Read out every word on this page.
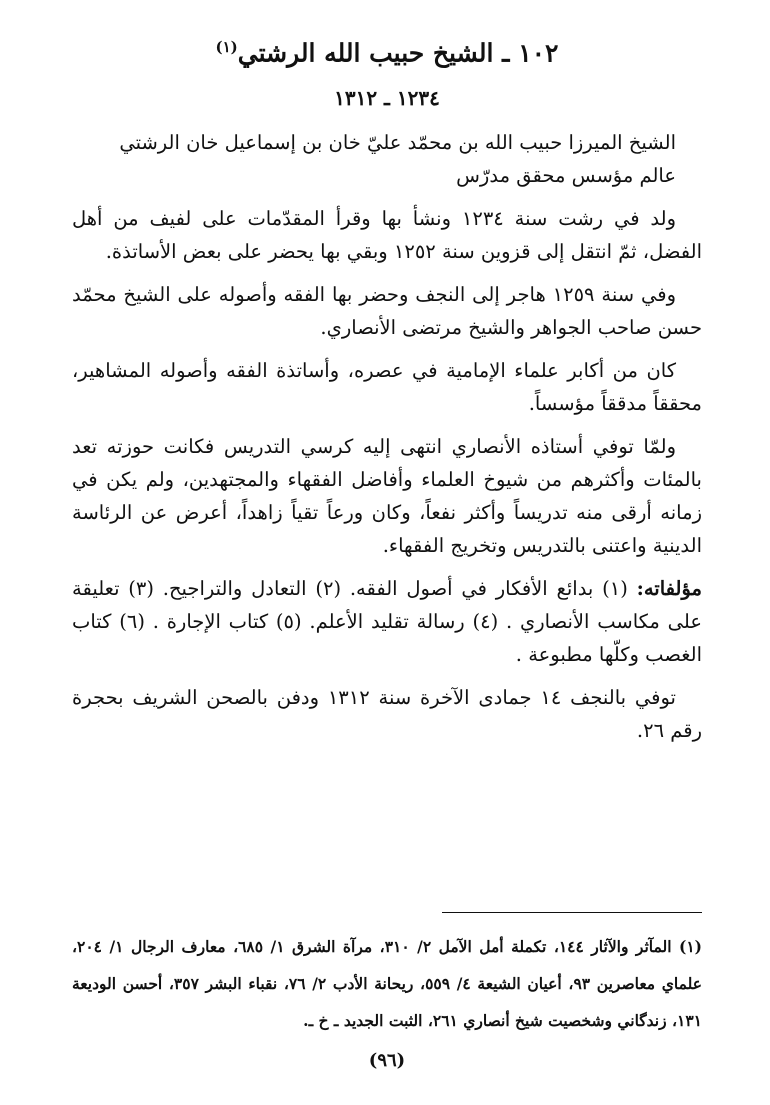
١٠٢ ـ الشيخ حبيب الله الرشتي$^{(١)}$
١٢٣٤ ـ ١٣١٢

الشيخ الميرزا حبيب الله بن محمّد عليّ خان بن إسماعيل خان الرشتي

عالم مؤسس محقق مدرّس

ولد في رشت سنة ١٢٣٤ ونشأ بها وقرأ المقدّمات على لفيف من أهل الفضل، ثمّ انتقل إلى قزوين سنة ١٢٥٢ وبقي بها يحضر على بعض الأساتذة.

وفي سنة ١٢٥٩ هاجر إلى النجف وحضر بها الفقه وأصوله على الشيخ محمّد حسن صاحب الجواهر والشيخ مرتضى الأنصاري.

كان من أكابر علماء الإمامية في عصره، وأساتذة الفقه وأصوله المشاهير، محققاً مدققاً مؤسساً.

ولمّا توفي أستاذه الأنصاري انتهى إليه كرسي التدريس فكانت حوزته تعد بالمئات وأكثرهم من شيوخ العلماء وأفاضل الفقهاء والمجتهدين، ولم يكن في زمانه أرقى منه تدريساً وأكثر نفعاً، وكان ورعاً تقياً زاهداً، أعرض عن الرئاسة الدينية واعتنى بالتدريس وتخريج الفقهاء.

مؤلفاته: (١) بدائع الأفكار في أصول الفقه. (٢) التعادل والتراجيح. (٣) تعليقة على مكاسب الأنصاري . (٤) رسالة تقليد الأعلم. (٥) كتاب الإجارة . (٦) كتاب الغصب وكلّها مطبوعة .

توفي بالنجف ١٤ جمادى الآخرة سنة ١٣١٢ ودفن بالصحن الشريف بحجرة رقم ٢٦.

(١) المآثر والآثار ١٤٤، تكملة أمل الآمل ٢/ ٣١٠، مرآة الشرق ١/ ٦٨٥، معارف الرجال ١/ ٢٠٤، علماي معاصرين ٩٣، أعيان الشيعة ٤/ ٥٥٩، ريحانة الأدب ٢/ ٧٦، نقباء البشر ٣٥٧، أحسن الوديعة ١٣١، زندگاني وشخصيت شيخ أنصاري ٢٦١، الثبت الجديد ـ خ ـ.
(٩٦)
